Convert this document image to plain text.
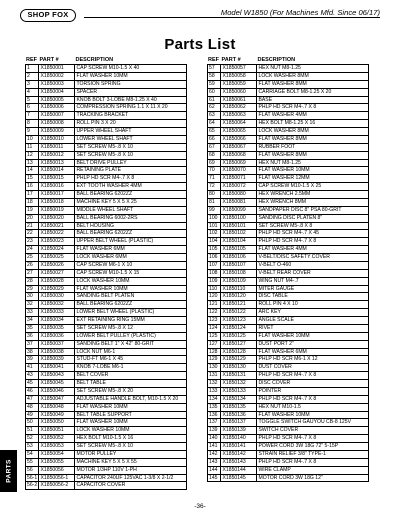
SHOP FOX	Model W1850 (For Machines Mfd. Since 06/17)
Parts List
REF PART #	DESCRIPTION
1	X1850001	CAP SCREW M10-1.5 X 40
2	X1850002	FLAT WASHER 10MM
3	X1850003	TORSION SPRING
4	X1850004	SPACER
5	X1850005	KNOB BOLT 3-LOBE M8-1.25 X 40
6	X1850006	COMPRESSION SPRING 1.1 X 11 X 20
7	X1850007	TRACKING BRACKET
8	X1850008	ROLL PIN 3 X 20
9	X1850009	UPPER WHEEL SHAFT
10	X1850010	LOWER WHEEL SHAFT
11	X1850011	SET SCREW M5-.8 X 10
12	X1850012	SET SCREW M5-.8 X 10
13	X1850013	BELT DRIVE PULLEY
14	X1850014	RETAINING PLATE
15	X1850015	PHLP HD SCR M4-.7 X 8
16	X1850016	EXT TOOTH WASHER 4MM
17	X1850017	BALL BEARING 6202ZZ
18	X1850018	MACHINE KEY 5 X 5 X 25
19	X1850019	MIDDLE WHEEL SHAFT
20	X1850020	BALL BEARING 6002-2RS
21	X1850021	BELT HOUSING
22	X1850022	BALL BEARING 6202ZZ
23	X1850023	UPPER BELT WHEEL (PLASTIC)
24	X1850024	FLAT WASHER 6MM
25	X1850025	LOCK WASHER 6MM
26	X1850026	CAP SCREW M6-1 X 10
27	X1850027	CAP SCREW M10-1.5 X 15
28	X1850028	LOCK WASHER 10MM
29	X1850029	FLAT WASHER 10MM
30	X1850030	SANDING BELT PLATEN
32	X1850032	BALL BEARING 6202ZZ
33	X1850033	LOWER BELT WHEEL (PLASTIC)
34	X1850034	EXT RETAINING RING 15MM
35	X1850035	SET SCREW M5-.8 X 12
36	X1850036	LOWER BELT PULLEY (PLASTIC)
37	X1850037	SANDING BELT 1" X 42" 80-GRIT
38	X1850038	LOCK NUT M6-1
39	X1850039	STUD-FT M6-1 X 45
41	X1850041	KNOB 7-LOBE M6-1
43	X1850043	BELT COVER
45	X1850045	BELT TABLE
46	X1850046	SET SCREW M5-.8 X 20
47	X1850047	ADJUSTABLE HANDLE BOLT, M10-1.5 X 20
48	X1850048	FLAT WASHER 10MM
49	X1850049	BELT TABLE SUPPORT
50	X1850050	FLAT WASHER 10MM
51	X1850051	LOCK WASHER 10MM
52	X1850052	HEX BOLT M10-1.5 X 16
53	X1850053	SET SCREW M5-.8 X 10
54	X1850054	MOTOR PULLEY
55	X1850055	MACHINE KEY 5 X 5 X 55
56	X1850056	MOTOR 1/3HP 110V 1-PH
56-1 X1850056-1	CAPACITOR 240UF 125VAC 1-3/8 X 2-1/2
56-2 X1850056-2	CAPACITOR COVER
REF PART #	DESCRIPTION
57	X1850057	HEX NUT M8-1.25
58	X1850058	LOCK WASHER 8MM
59	X1850059	FLAT WASHER 8MM
60	X1850060	CARRIAGE BOLT M8-1.25 X 20
61	X1850061	BASE
62	X1850062	PHLP HD SCR M4-.7 X 8
63	X1850063	FLAT WASHER 4MM
64	X1850064	HEX BOLT M8-1.25 X 16
65	X1850065	LOCK WASHER 8MM
66	X1850066	FLAT WASHER 8MM
67	X1850067	RUBBER FOOT
68	X1850068	FLAT WASHER 8MM
69	X1850069	HEX NUT M8-1.25
70	X1850070	FLAT WASHER 10MM
71	X1850071	FLAT WASHER 12MM
72	X1850072	CAP SCREW M10-1.5 X 25
80	X1850080	HEX WRENCH 2.5MM
81	X1850081	HEX WRENCH 8MM
99	X1850099	SANDPAPER DISC 8" PSA 80-GRIT
100 X1850100	SANDING DISC PLATEN 8"
101 X1850101	SET SCREW M5-.8 X 8
102 X1850102	PHLP HD SCR M4-.7 X 45
104 X1850104	PHLP HD SCR M4-.7 X 8
105 X1850105	FLAT WASHER 4MM
106 X1850106	V-BELT/DISC SAFETY COVER
107 X1850107	V-BELT O-460
108 X1850108	V-BELT REAR COVER
109 X1850109	WING NUT M4-.7
110	X1850110	MITER GAUGE
120 X1850120	DISC TABLE
121 X1850121	ROLL PIN 4 X 10
122 X1850122	ARC KEY
123 X1850123	ANGLE SCALE
124 X1850124	RIVET
125 X1850125	FLAT WASHER 10MM
127 X1850127	DUST PORT 2"
128 X1850128	FLAT WASHER 6MM
129 X1850129	PHLP HD SCR M6-1 X 12
130 X1850130	DUST COVER
131 X1850131	PHLP HD SCR M4-.7 X 8
132 X1850132	DISC COVER
133 X1850133	POINTER
134 X1850134	PHLP HD SCR M4-.7 X 8
135 X1850135	HEX NUT M10-1.5
136 X1850136	FLAT WASHER 10MM
137 X1850137	TOGGLE SWITCH GAUYOU CB-8 125V
139 X1850139	SWITCH COVER
140 X1850140	PHLP HD SCR M4-.7 X 8
141 X1850141	POWER CORD 3W 18G 72" 5-15P
142 X1850142	STRAIN RELIEF 3/8" TYPE-1
143 X1850143	PHLP HD SCR M4-.7 X 8
144 X1850144	WIRE CLAMP
145 X1850145	MOTOR CORD 3W 18G 12"
PARTS
-36-
